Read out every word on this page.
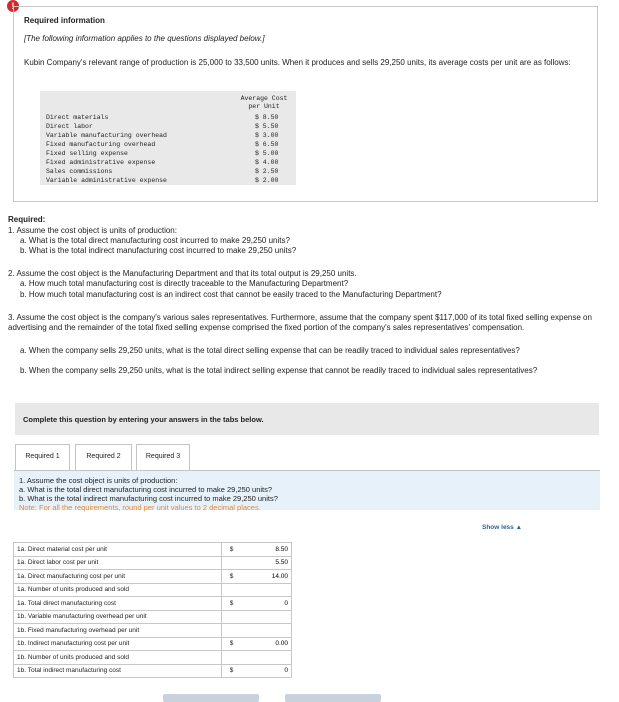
!
Required information
[The following information applies to the questions displayed below.]
Kubin Company's relevant range of production is 25,000 to 33,500 units. When it produces and sells 29,250 units, its average costs per unit are as follows:
Average Cost
per Unit
Direct materials	$ 8.50
Direct labor	$ 5.50
Variable manufacturing overhead	$ 3.00
Fixed manufacturing overhead	$ 6.50
Fixed selling expense	$ 5.00
Fixed administrative expense	$ 4.00
Sales commissions	$ 2.50
Variable administrative expense	$ 2.00
Required:
1. Assume the cost object is units of production:
a. What is the total direct manufacturing cost incurred to make 29,250 units?
b. What is the total indirect manufacturing cost incurred to make 29,250 units?
2. Assume the cost object is the Manufacturing Department and that its total output is 29,250 units.
a. How much total manufacturing cost is directly traceable to the Manufacturing Department?
b. How much total manufacturing cost is an indirect cost that cannot be easily traced to the Manufacturing Department?
3. Assume the cost object is the company's various sales representatives. Furthermore, assume that the company spent $117,000 of its total fixed selling expense on advertising and the remainder of the total fixed selling expense comprised the fixed portion of the company's sales representatives' compensation.
a. When the company sells 29,250 units, what is the total direct selling expense that can be readily traced to individual sales representatives?
b. When the company sells 29,250 units, what is the total indirect selling expense that cannot be readily traced to individual sales representatives?
Complete this question by entering your answers in the tabs below.
Required 1	Required 2	Required 3
1. Assume the cost object is units of production:
a. What is the total direct manufacturing cost incurred to make 29,250 units?
b. What is the total indirect manufacturing cost incurred to make 29,250 units?
Note: For all the requirements, round per unit values to 2 decimal places.
Show less ▲
1a. Direct material cost per unit	$	8.50
1a. Direct labor cost per unit		5.50
1a. Direct manufacturing cost per unit	$	14.00
1a. Number of units produced and sold		
1a. Total direct manufacturing cost	$	0
1b. Variable manufacturing overhead per unit		
1b. Fixed manufacturing overhead per unit		
1b. Indirect manufacturing cost per unit	$	0.00
1b. Number of units produced and sold		
1b. Total indirect manufacturing cost	$	0
